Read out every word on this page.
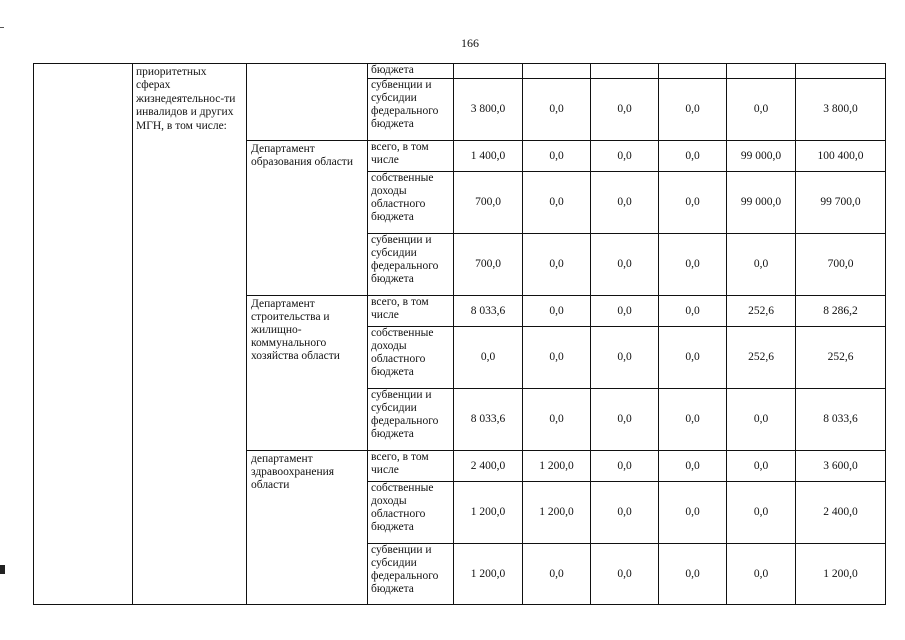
166
	приоритетных сферах жизнедеятельнос-ти инвалидов и других МГН, в том числе:		бюджета						
			субвенции и субсидии федерального бюджета	3 800,0	0,0	0,0	0,0	0,0	3 800,0
		Департамент образования области	всего, в том числе	1 400,0	0,0	0,0	0,0	99 000,0	100 400,0
			собственные доходы областного бюджета	700,0	0,0	0,0	0,0	99 000,0	99 700,0
			субвенции и субсидии федерального бюджета	700,0	0,0	0,0	0,0	0,0	700,0
		Департамент строительства и жилищно-коммунального хозяйства области	всего, в том числе	8 033,6	0,0	0,0	0,0	252,6	8 286,2
			собственные доходы областного бюджета	0,0	0,0	0,0	0,0	252,6	252,6
			субвенции и субсидии федерального бюджета	8 033,6	0,0	0,0	0,0	0,0	8 033,6
		департамент здравоохранения области	всего, в том числе	2 400,0	1 200,0	0,0	0,0	0,0	3 600,0
			собственные доходы областного бюджета	1 200,0	1 200,0	0,0	0,0	0,0	2 400,0
			субвенции и субсидии федерального бюджета	1 200,0	0,0	0,0	0,0	0,0	1 200,0
